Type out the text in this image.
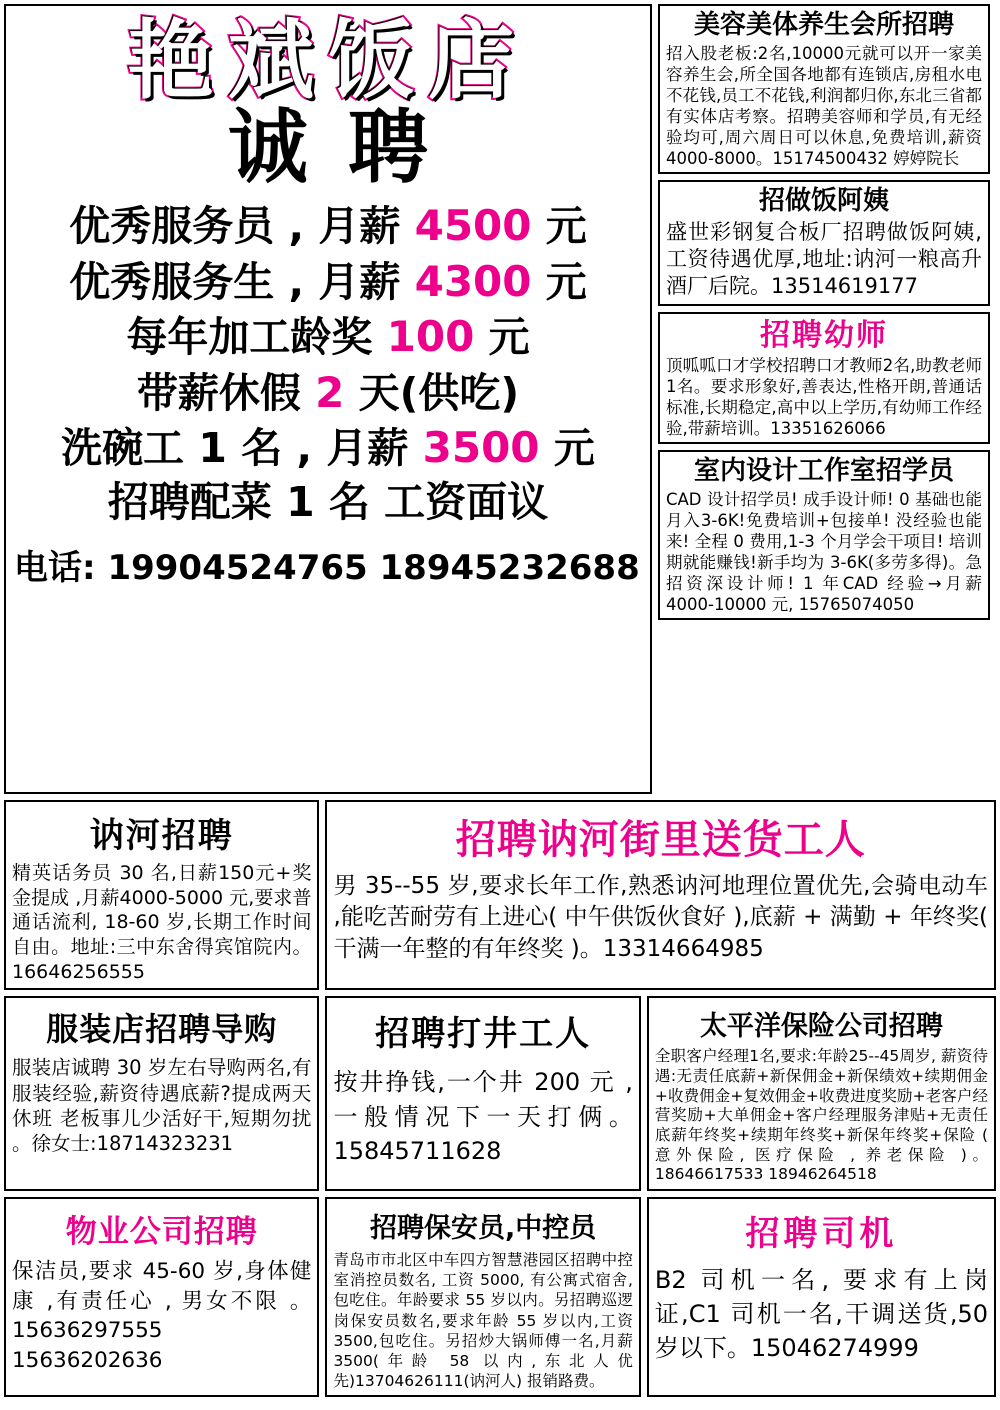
艳斌饭店
诚聘
优秀服务员 , 月薪 4500 元
优秀服务生 , 月薪 4300 元
每年加工龄奖 100 元
带薪休假 2 天(供吃)
洗碗工 1 名 , 月薪 3500 元
招聘配菜 1 名 工资面议
电话: 19904524765 18945232688
美容美体养生会所招聘

招入股老板:2名,10000元就可以开一家美容养生会,所全国各地都有连锁店,房租水电不花钱,员工不花钱,利润都归你,东北三省都有实体店考察。招聘美容师和学员,有无经验均可,周六周日可以休息,免费培训,薪资 4000-8000。15174500432 婷婷院长

招做饭阿姨

盛世彩钢复合板厂招聘做饭阿姨, 工资待遇优厚,地址:讷河一粮高升酒厂后院。13514619177

招聘幼师

顶呱呱口才学校招聘口才教师2名,助教老师1名。要求形象好,善表达,性格开朗,普通话标准,长期稳定,高中以上学历,有幼师工作经验,带薪培训。13351626066

室内设计工作室招学员

CAD 设计招学员! 成手设计师! 0 基础也能月入3-6K!免费培训+包接单! 没经验也能来! 全程 0 费用,1-3 个月学会干项目! 培训期就能赚钱!新手均为 3-6K(多劳多得)。急招资深设计师! 1 年CAD 经验→月薪 4000-10000 元, 15765074050

讷河招聘

精英话务员 30 名,日薪150元+奖金提成 ,月薪4000-5000 元,要求普通话流利, 18-60 岁,长期工作时间自由。地址:三中东舍得宾馆院内。16646256555

招聘讷河街里送货工人

男 35--55 岁,要求长年工作,熟悉讷河地理位置优先,会骑电动车 ,能吃苦耐劳有上进心( 中午供饭伙食好 ),底薪 + 满勤 + 年终奖( 干满一年整的有年终奖 )。13314664985

服装店招聘导购

服装店诚聘 30 岁左右导购两名,有服装经验,薪资待遇底薪?提成两天休班 老板事儿少活好干,短期勿扰 。徐女士:18714323231

招聘打井工人

按井挣钱,一个井 200 元 ,一般情况下一天打俩。15845711628

太平洋保险公司招聘

全职客户经理1名,要求:年龄25--45周岁, 薪资待遇:无责任底薪+新保佣金+新保绩效+续期佣金+收费佣金+复效佣金+收费进度奖励+老客户经营奖励+大单佣金+客户经理服务津贴+无责任底薪年终奖+续期年终奖+新保年终奖+保险 ( 意外保险, 医疗保险 , 养老保险 )。18646617533 18946264518

物业公司招聘

保洁员,要求 45-60 岁,身体健康 ,有责任心 , 男女不限 。15636297555 15636202636

招聘保安员,中控员

青岛市市北区中车四方智慧港园区招聘中控室消控员数名, 工资 5000, 有公寓式宿舍, 包吃住。年龄要求 55 岁以内。另招聘巡逻岗保安员数名,要求年龄 55 岁以内,工资 3500,包吃住。另招炒大锅师傅一名,月薪 3500(年龄 58 以内,东北人优先)13704626111(讷河人) 报销路费。

招聘司机

B2 司机一名, 要求有上岗证,C1 司机一名,干调送货,50 岁以下。15046274999
